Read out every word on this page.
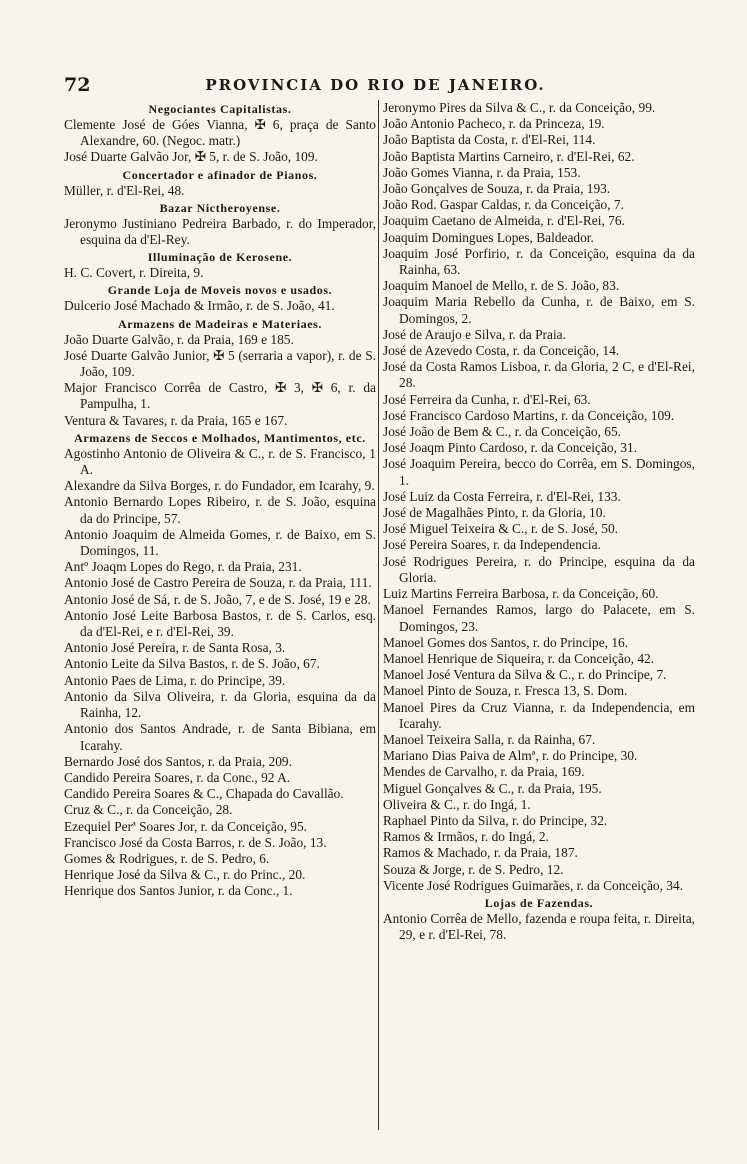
72	PROVINCIA DO RIO DE JANEIRO.
Negociantes Capitalistas.
Clemente José de Góes Vianna, ✠ 6, praça de Santo Alexandre, 60. (Negoc. matr.)
José Duarte Galvão Jor, ✠ 5, r. de S. João, 109.
Concertador e afinador de Pianos.
Müller, r. d'El-Rei, 48.
Bazar Nictheroyense.
Jeronymo Justiniano Pedreira Barbado, r. do Imperador, esquina da d'El-Rey.
Illuminação de Kerosene.
H. C. Covert, r. Direita, 9.
Grande Loja de Moveis novos e usados.
Dulcerio José Machado & Irmão, r. de S. João, 41.
Armazens de Madeiras e Materiaes.
João Duarte Galvão, r. da Praia, 169 e 185.
José Duarte Galvão Junior, ✠ 5 (serraria a vapor), r. de S. João, 109.
Major Francisco Corrêa de Castro, ✠ 3, ✠ 6, r. da Pampulha, 1.
Ventura & Tavares, r. da Praia, 165 e 167.
Armazens de Seccos e Molhados, Mantimentos, etc.
Agostinho Antonio de Oliveira & C., r. de S. Francisco, 1 A.
Alexandre da Silva Borges, r. do Fundador, em Icarahy, 9.
Antonio Bernardo Lopes Ribeiro, r. de S. João, esquina da do Principe, 57.
Antonio Joaquim de Almeida Gomes, r. de Baixo, em S. Domingos, 11.
Antº Joaqm Lopes do Rego, r. da Praia, 231.
Antonio José de Castro Pereira de Souza, r. da Praia, 111.
Antonio José de Sá, r. de S. João, 7, e de S. José, 19 e 28.
Antonio José Leite Barbosa Bastos, r. de S. Carlos, esq. da d'El-Rei, e r. d'El-Rei, 39.
Antonio José Pereira, r. de Santa Rosa, 3.
Antonio Leite da Silva Bastos, r. de S. João, 67.
Antonio Paes de Lima, r. do Principe, 39.
Antonio da Silva Oliveira, r. da Gloria, esquina da da Rainha, 12.
Antonio dos Santos Andrade, r. de Santa Bibiana, em Icarahy.
Bernardo José dos Santos, r. da Praia, 209.
Candido Pereira Soares, r. da Conc., 92 A.
Candido Pereira Soares & C., Chapada do Cavallão.
Cruz & C., r. da Conceição, 28.
Ezequiel Perª Soares Jor, r. da Conceição, 95.
Francisco José da Costa Barros, r. de S. João, 13.
Gomes & Rodrigues, r. de S. Pedro, 6.
Henrique José da Silva & C., r. do Princ., 20.
Henrique dos Santos Junior, r. da Conc., 1.
Jeronymo Pires da Silva & C., r. da Conceição, 99.
João Antonio Pacheco, r. da Princeza, 19.
João Baptista da Costa, r. d'El-Rei, 114.
João Baptista Martins Carneiro, r. d'El-Rei, 62.
João Gomes Vianna, r. da Praia, 153.
João Gonçalves de Souza, r. da Praia, 193.
João Rod. Gaspar Caldas, r. da Conceição, 7.
Joaquim Caetano de Almeida, r. d'El-Rei, 76.
Joaquim Domingues Lopes, Baldeador.
Joaquim José Porfirio, r. da Conceição, esquina da da Rainha, 63.
Joaquim Manoel de Mello, r. de S. João, 83.
Joaquim Maria Rebello da Cunha, r. de Baixo, em S. Domingos, 2.
José de Araujo e Silva, r. da Praia.
José de Azevedo Costa, r. da Conceição, 14.
José da Costa Ramos Lisboa, r. da Gloria, 2 C, e d'El-Rei, 28.
José Ferreira da Cunha, r. d'El-Rei, 63.
José Francisco Cardoso Martins, r. da Conceição, 109.
José João de Bem & C., r. da Conceição, 65.
José Joaqm Pinto Cardoso, r. da Conceição, 31.
José Joaquim Pereira, becco do Corrêa, em S. Domingos, 1.
José Luiz da Costa Ferreira, r. d'El-Rei, 133.
José de Magalhães Pinto, r. da Gloria, 10.
José Miguel Teixeira & C., r. de S. José, 50.
José Pereira Soares, r. da Independencia.
José Rodrigues Pereira, r. do Principe, esquina da da Gloria.
Luiz Martins Ferreira Barbosa, r. da Conceição, 60.
Manoel Fernandes Ramos, largo do Palacete, em S. Domingos, 23.
Manoel Gomes dos Santos, r. do Principe, 16.
Manoel Henrique de Siqueira, r. da Conceição, 42.
Manoel José Ventura da Silva & C., r. do Principe, 7.
Manoel Pinto de Souza, r. Fresca 13, S. Dom.
Manoel Pires da Cruz Vianna, r. da Independencia, em Icarahy.
Manoel Teixeira Salla, r. da Rainha, 67.
Mariano Dias Paiva de Almª, r. do Principe, 30.
Mendes de Carvalho, r. da Praia, 169.
Miguel Gonçalves & C., r. da Praia, 195.
Oliveira & C., r. do Ingá, 1.
Raphael Pinto da Silva, r. do Principe, 32.
Ramos & Irmãos, r. do Ingá, 2.
Ramos & Machado, r. da Praia, 187.
Souza & Jorge, r. de S. Pedro, 12.
Vicente José Rodrigues Guimarães, r. da Conceição, 34.
Lojas de Fazendas.
Antonio Corrêa de Mello, fazenda e roupa feita, r. Direita, 29, e r. d'El-Rei, 78.
